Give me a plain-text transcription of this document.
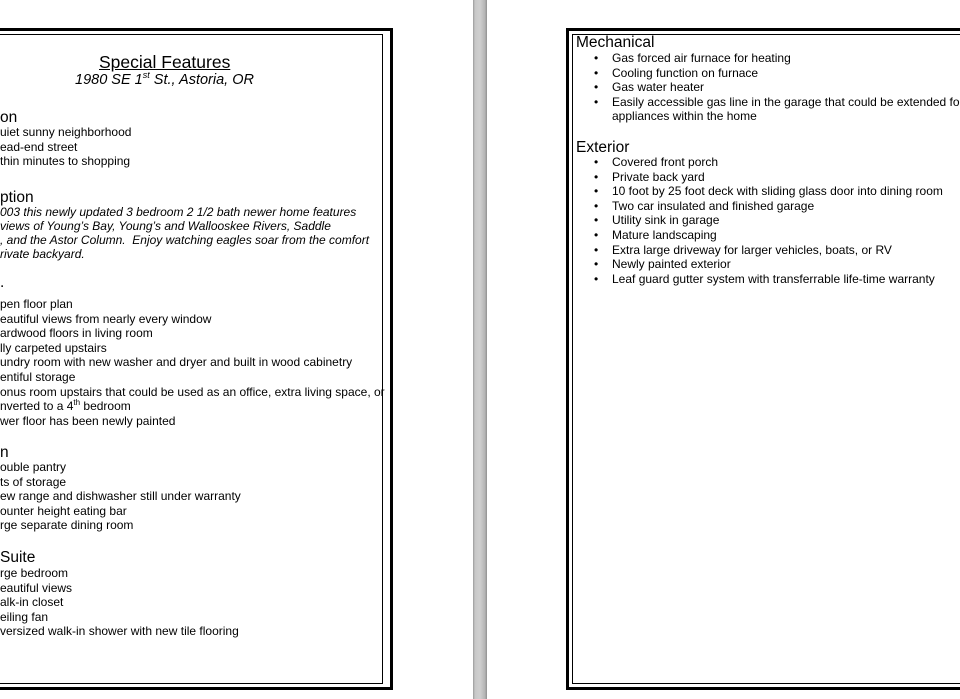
Special Features
1980 SE 1st St., Astoria, OR
on
uiet sunny neighborhood
ead-end street
thin minutes to shopping
ption
003 this newly updated 3 bedroom 2 1/2 bath newer home features
views of Young’s Bay, Young’s and Wallooskee Rivers, Saddle
, and the Astor Column.  Enjoy watching eagles soar from the comfort
rivate backyard.
.
pen floor plan
eautiful views from nearly every window
ardwood floors in living room
lly carpeted upstairs
undry room with new washer and dryer and built in wood cabinetry
entiful storage
onus room upstairs that could be used as an office, extra living space, or
nverted to a 4th bedroom
wer floor has been newly painted
n
ouble pantry
ts of storage
ew range and dishwasher still under warranty
ounter height eating bar
rge separate dining room
Suite
rge bedroom
eautiful views
alk-in closet
eiling fan
versized walk-in shower with new tile flooring
Mechanical
• Gas forced air furnace for heating
• Cooling function on furnace
• Gas water heater
• Easily accessible gas line in the garage that could be extended fo
appliances within the home
Exterior
• Covered front porch
• Private back yard
• 10 foot by 25 foot deck with sliding glass door into dining room
• Two car insulated and finished garage
• Utility sink in garage
• Mature landscaping
• Extra large driveway for larger vehicles, boats, or RV
• Newly painted exterior
• Leaf guard gutter system with transferrable life-time warranty
